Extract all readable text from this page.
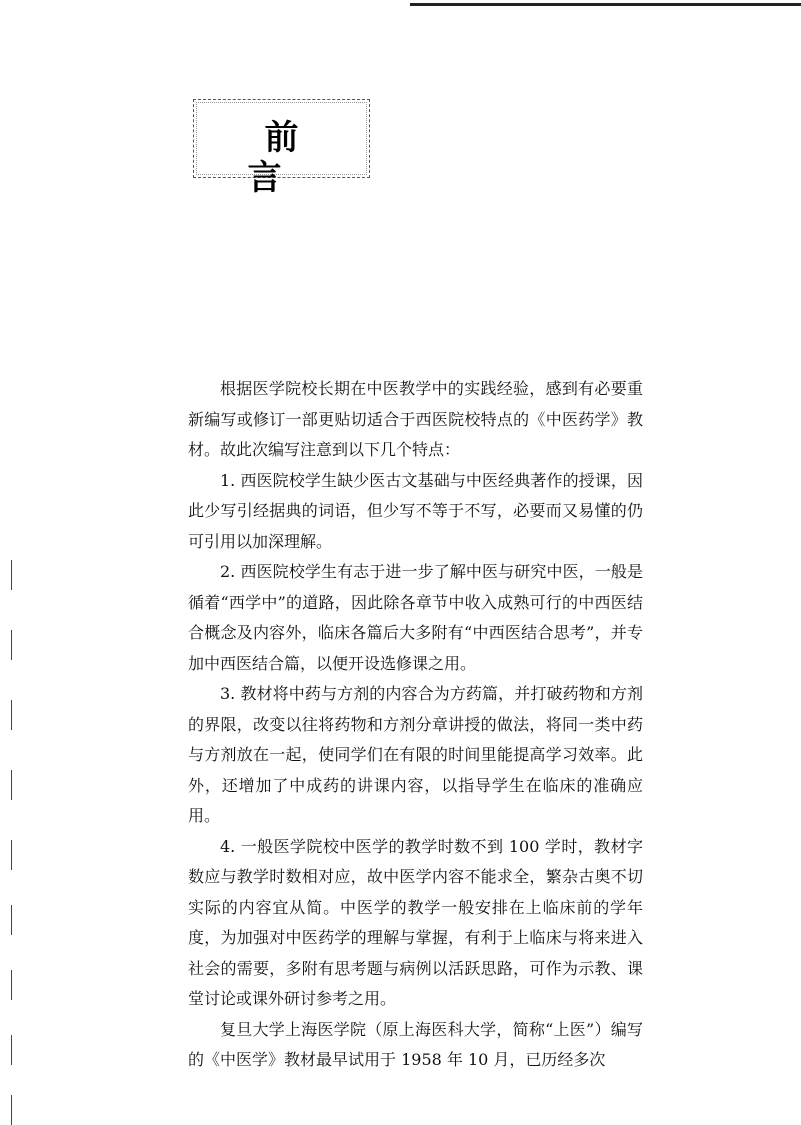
前 言

根据医学院校长期在中医教学中的实践经验，感到有必要重新编写或修订一部更贴切适合于西医院校特点的《中医药学》教材。故此次编写注意到以下几个特点：

1. 西医院校学生缺少医古文基础与中医经典著作的授课，因此少写引经据典的词语，但少写不等于不写，必要而又易懂的仍可引用以加深理解。

2. 西医院校学生有志于进一步了解中医与研究中医，一般是循着“西学中”的道路，因此除各章节中收入成熟可行的中西医结合概念及内容外，临床各篇后大多附有“中西医结合思考”，并专加中西医结合篇，以便开设选修课之用。

3. 教材将中药与方剂的内容合为方药篇，并打破药物和方剂的界限，改变以往将药物和方剂分章讲授的做法，将同一类中药与方剂放在一起，使同学们在有限的时间里能提高学习效率。此外，还增加了中成药的讲课内容，以指导学生在临床的准确应用。

4. 一般医学院校中医学的教学时数不到 100 学时，教材字数应与教学时数相对应，故中医学内容不能求全，繁杂古奥不切实际的内容宜从简。中医学的教学一般安排在上临床前的学年度，为加强对中医药学的理解与掌握，有利于上临床与将来进入社会的需要，多附有思考题与病例以活跃思路，可作为示教、课堂讨论或课外研讨参考之用。

复旦大学上海医学院（原上海医科大学，简称“上医”）编写的《中医学》教材最早试用于 1958 年 10 月，已历经多次
